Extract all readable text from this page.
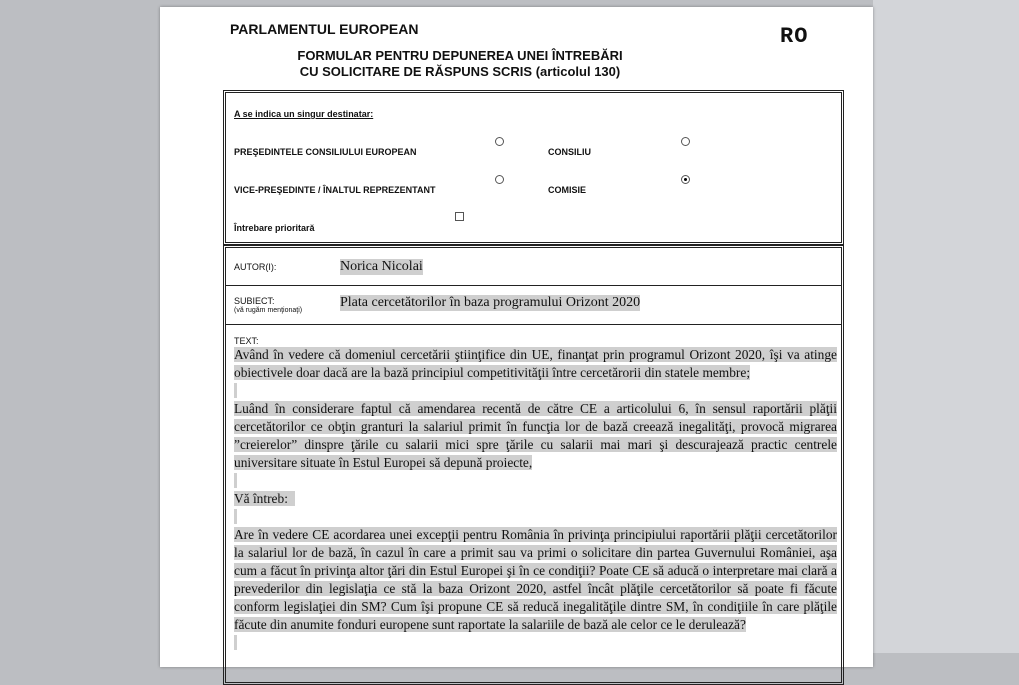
PARLAMENTUL EUROPEAN	RO
FORMULAR PENTRU DEPUNEREA UNEI ÎNTREBĂRI
CU SOLICITARE DE RĂSPUNS SCRIS (articolul 130)
A se indica un singur destinatar:
PREŞEDINTELE CONSILIULUI EUROPEAN	CONSILIU
VICE-PREŞEDINTE / ÎNALTUL REPREZENTANT	COMISIE
Întrebare prioritară
AUTOR(I):	Norica Nicolai
SUBIECT:
(vă rugăm menţionaţi)
Plata cercetătorilor în baza programului Orizont 2020
TEXT:

Având în vedere că domeniul cercetării ştiinţifice din UE, finanţat prin programul Orizont 2020, îşi va atinge obiectivele doar dacă are la bază principiul competitivităţii între cercetărorii din statele membre;

Luând în considerare faptul că amendarea recentă de către CE a articolului 6, în sensul raportării plăţii cercetătorilor ce obţin granturi la salariul primit în funcţia lor de bază creează inegalităţi, provocă migrarea ”creierelor” dinspre ţările cu salarii mici spre ţările cu salarii mai mari şi descurajează practic centrele universitare situate în Estul Europei să depună proiecte,

Vă întreb:

Are în vedere CE acordarea unei excepţii pentru România în privinţa principiului raportării plăţii cercetătorilor la salariul lor de bază, în cazul în care a primit sau va primi o solicitare din partea Guvernului României, aşa cum a făcut în privinţa altor ţări din Estul Europei şi în ce condiţii? Poate CE să aducă o interpretare mai clară a prevederilor din legislaţia ce stă la baza Orizont 2020, astfel încât plăţile cercetătorilor să poate fi făcute conform legislaţiei din SM? Cum îşi propune CE să reducă inegalităţile dintre SM, în condiţiile în care plăţile făcute din anumite fonduri europene sunt raportate la salariile de bază ale celor ce le derulează?
